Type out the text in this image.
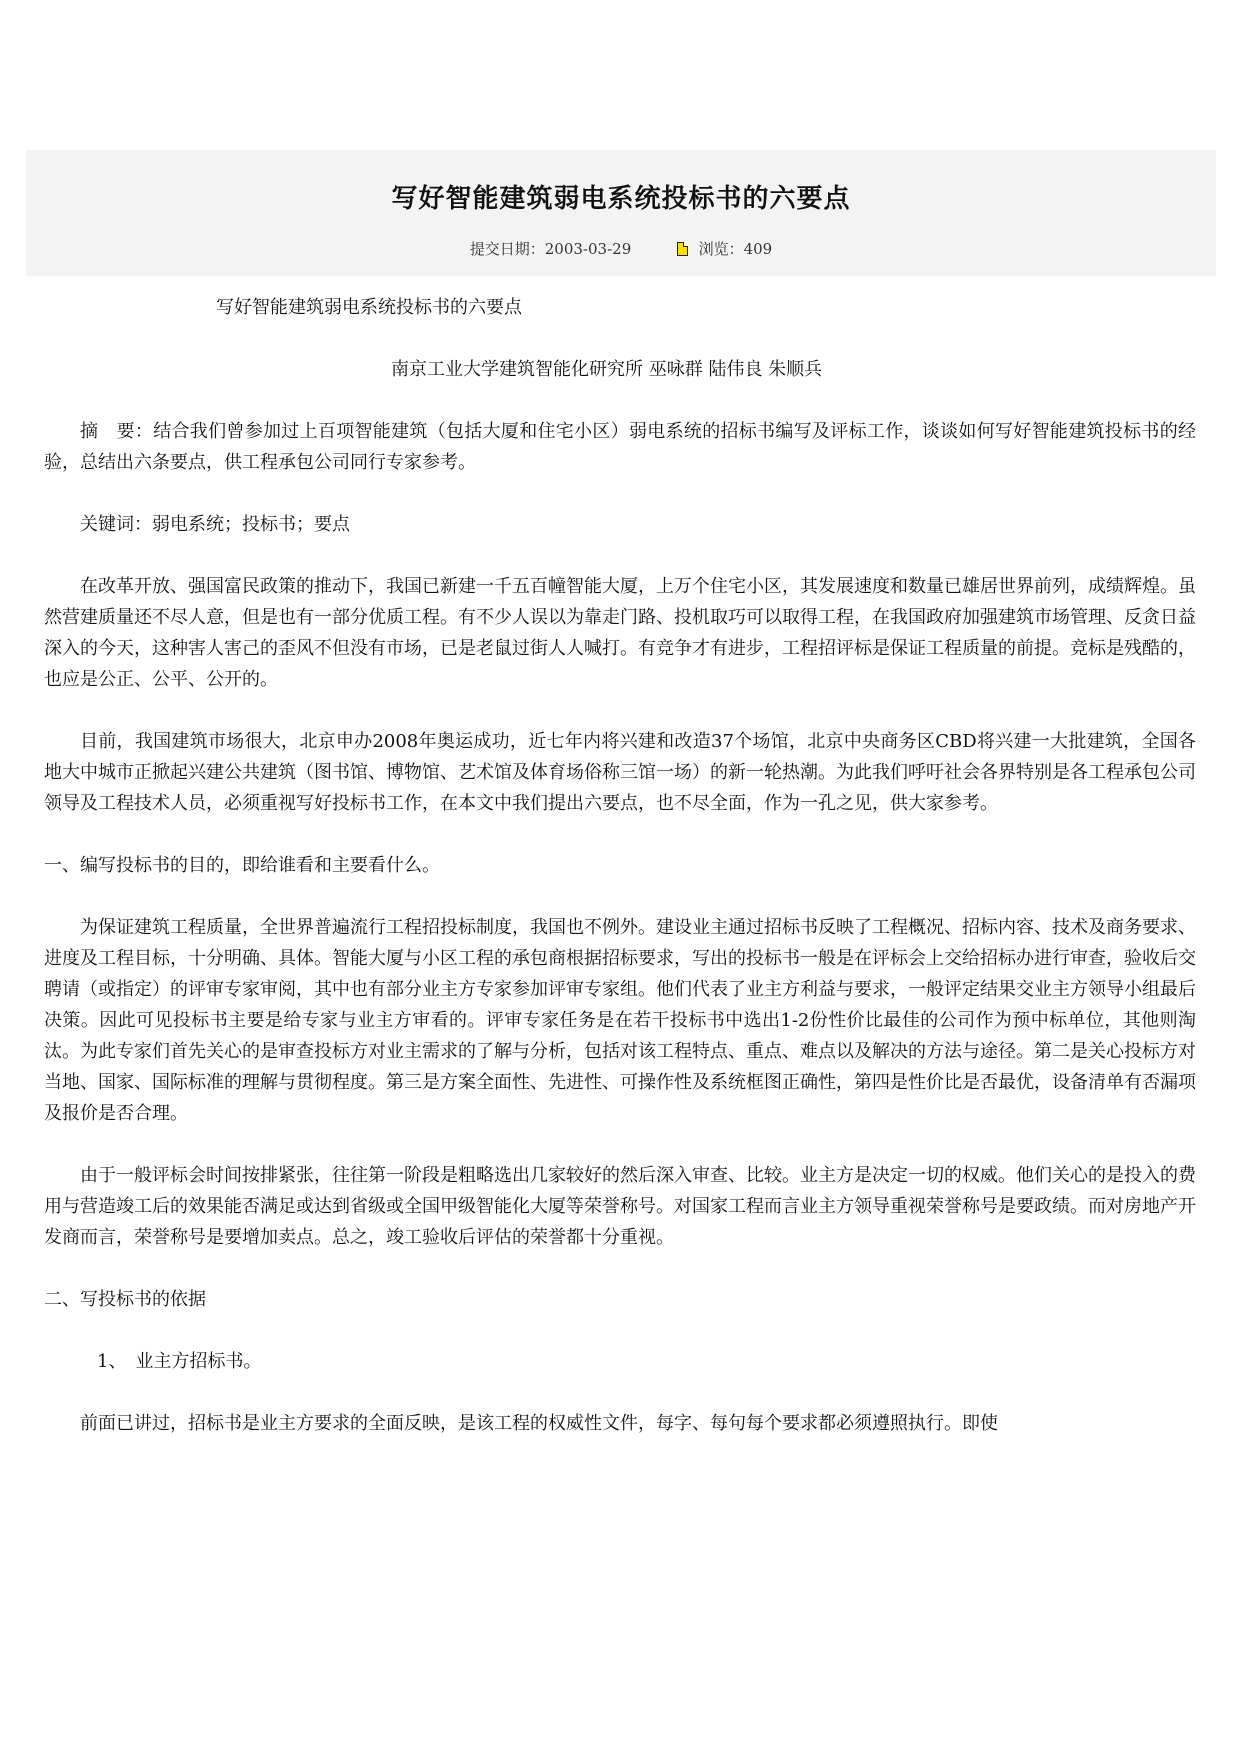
写好智能建筑弱电系统投标书的六要点
提交日期：2003-03-29	浏览：409

写好智能建筑弱电系统投标书的六要点

南京工业大学建筑智能化研究所 巫咏群 陆伟良 朱顺兵

摘　要：结合我们曾参加过上百项智能建筑（包括大厦和住宅小区）弱电系统的招标书编写及评标工作，谈谈如何写好智能建筑投标书的经验，总结出六条要点，供工程承包公司同行专家参考。

关键词：弱电系统；投标书；要点

在改革开放、强国富民政策的推动下，我国已新建一千五百幢智能大厦，上万个住宅小区，其发展速度和数量已雄居世界前列，成绩辉煌。虽然营建质量还不尽人意，但是也有一部分优质工程。有不少人误以为靠走门路、投机取巧可以取得工程，在我国政府加强建筑市场管理、反贪日益深入的今天，这种害人害己的歪风不但没有市场，已是老鼠过街人人喊打。有竞争才有进步，工程招评标是保证工程质量的前提。竞标是残酷的，也应是公正、公平、公开的。

目前，我国建筑市场很大，北京申办2008年奥运成功，近七年内将兴建和改造37个场馆，北京中央商务区CBD将兴建一大批建筑，全国各地大中城市正掀起兴建公共建筑（图书馆、博物馆、艺术馆及体育场俗称三馆一场）的新一轮热潮。为此我们呼吁社会各界特别是各工程承包公司领导及工程技术人员，必须重视写好投标书工作，在本文中我们提出六要点，也不尽全面，作为一孔之见，供大家参考。

一、编写投标书的目的，即给谁看和主要看什么。

为保证建筑工程质量，全世界普遍流行工程招投标制度，我国也不例外。建设业主通过招标书反映了工程概况、招标内容、技术及商务要求、进度及工程目标，十分明确、具体。智能大厦与小区工程的承包商根据招标要求，写出的投标书一般是在评标会上交给招标办进行审查，验收后交聘请（或指定）的评审专家审阅，其中也有部分业主方专家参加评审专家组。他们代表了业主方利益与要求，一般评定结果交业主方领导小组最后决策。因此可见投标书主要是给专家与业主方审看的。评审专家任务是在若干投标书中选出1-2份性价比最佳的公司作为预中标单位，其他则淘汰。为此专家们首先关心的是审查投标方对业主需求的了解与分析，包括对该工程特点、重点、难点以及解决的方法与途径。第二是关心投标方对当地、国家、国际标准的理解与贯彻程度。第三是方案全面性、先进性、可操作性及系统框图正确性，第四是性价比是否最优，设备清单有否漏项及报价是否合理。

由于一般评标会时间按排紧张，往往第一阶段是粗略选出几家较好的然后深入审查、比较。业主方是决定一切的权威。他们关心的是投入的费用与营造竣工后的效果能否满足或达到省级或全国甲级智能化大厦等荣誉称号。对国家工程而言业主方领导重视荣誉称号是要政绩。而对房地产开发商而言，荣誉称号是要增加卖点。总之，竣工验收后评估的荣誉都十分重视。

二、写投标书的依据

1、　业主方招标书。

前面已讲过，招标书是业主方要求的全面反映，是该工程的权威性文件，每字、每句每个要求都必须遵照执行。即使
